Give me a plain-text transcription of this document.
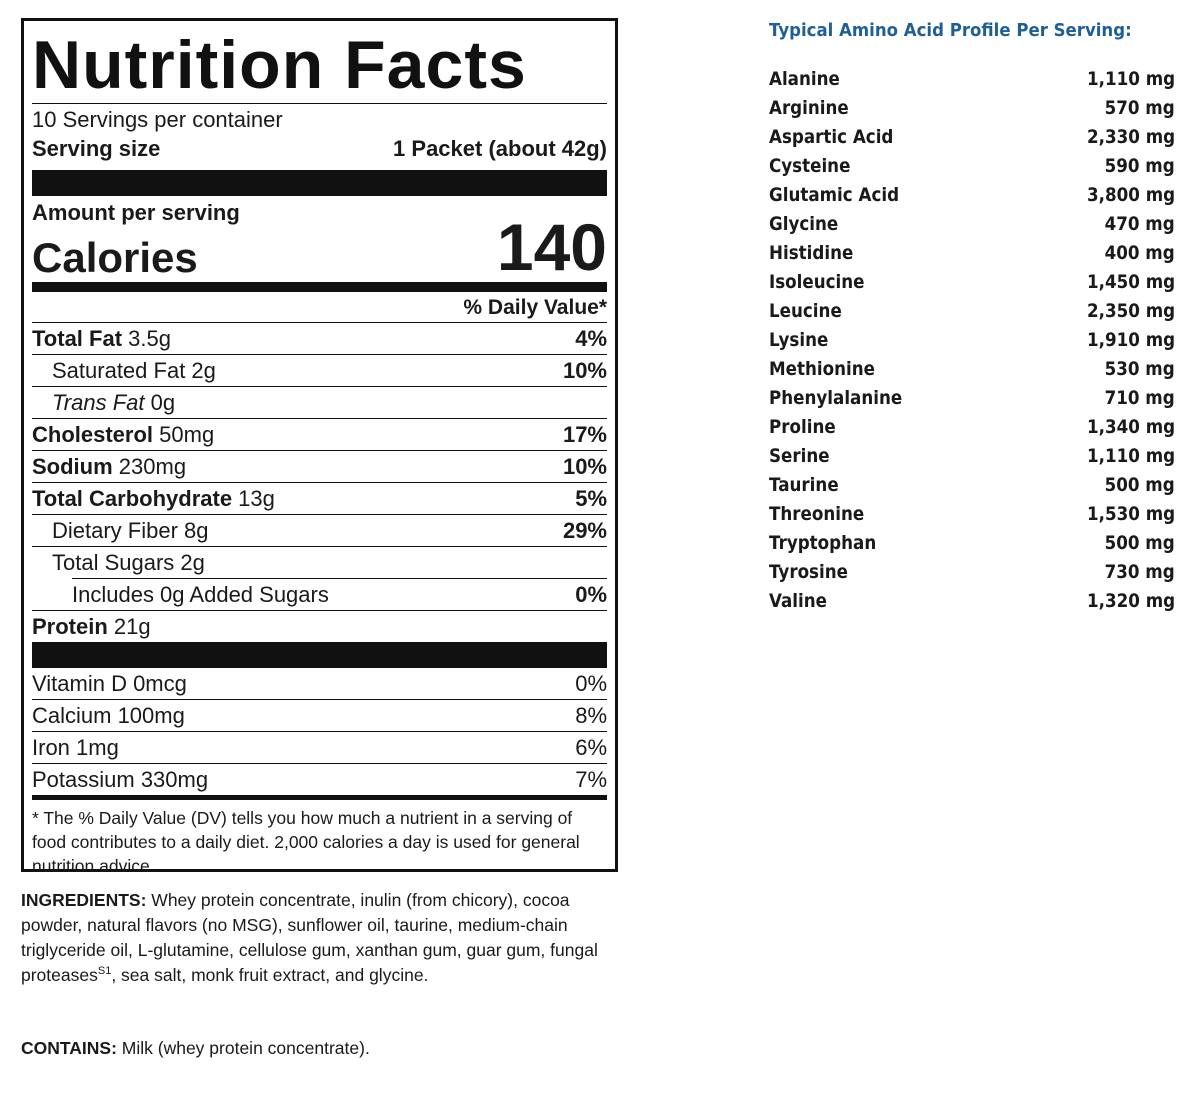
Nutrition Facts
10 Servings per container
Serving size	1 Packet (about 42g)
Amount per serving
Calories	140
% Daily Value*
Total Fat 3.5g	4%
Saturated Fat 2g	10%
Trans Fat 0g
Cholesterol 50mg	17%
Sodium 230mg	10%
Total Carbohydrate 13g	5%
Dietary Fiber 8g	29%
Total Sugars 2g
Includes 0g Added Sugars	0%
Protein 21g
Vitamin D 0mcg	0%
Calcium 100mg	8%
Iron 1mg	6%
Potassium 330mg	7%
* The % Daily Value (DV) tells you how much a nutrient in a serving of food contributes to a daily diet. 2,000 calories a day is used for general nutrition advice.
INGREDIENTS: Whey protein concentrate, inulin (from chicory), cocoa powder, natural flavors (no MSG), sunflower oil, taurine, medium-chain triglyceride oil, L-glutamine, cellulose gum, xanthan gum, guar gum, fungal proteases$^{S1}$, sea salt, monk fruit extract, and glycine.
CONTAINS: Milk (whey protein concentrate).
Typical Amino Acid Profile Per Serving:
Alanine	1,110 mg
Arginine	570 mg
Aspartic Acid	2,330 mg
Cysteine	590 mg
Glutamic Acid	3,800 mg
Glycine	470 mg
Histidine	400 mg
Isoleucine	1,450 mg
Leucine	2,350 mg
Lysine	1,910 mg
Methionine	530 mg
Phenylalanine	710 mg
Proline	1,340 mg
Serine	1,110 mg
Taurine	500 mg
Threonine	1,530 mg
Tryptophan	500 mg
Tyrosine	730 mg
Valine	1,320 mg
